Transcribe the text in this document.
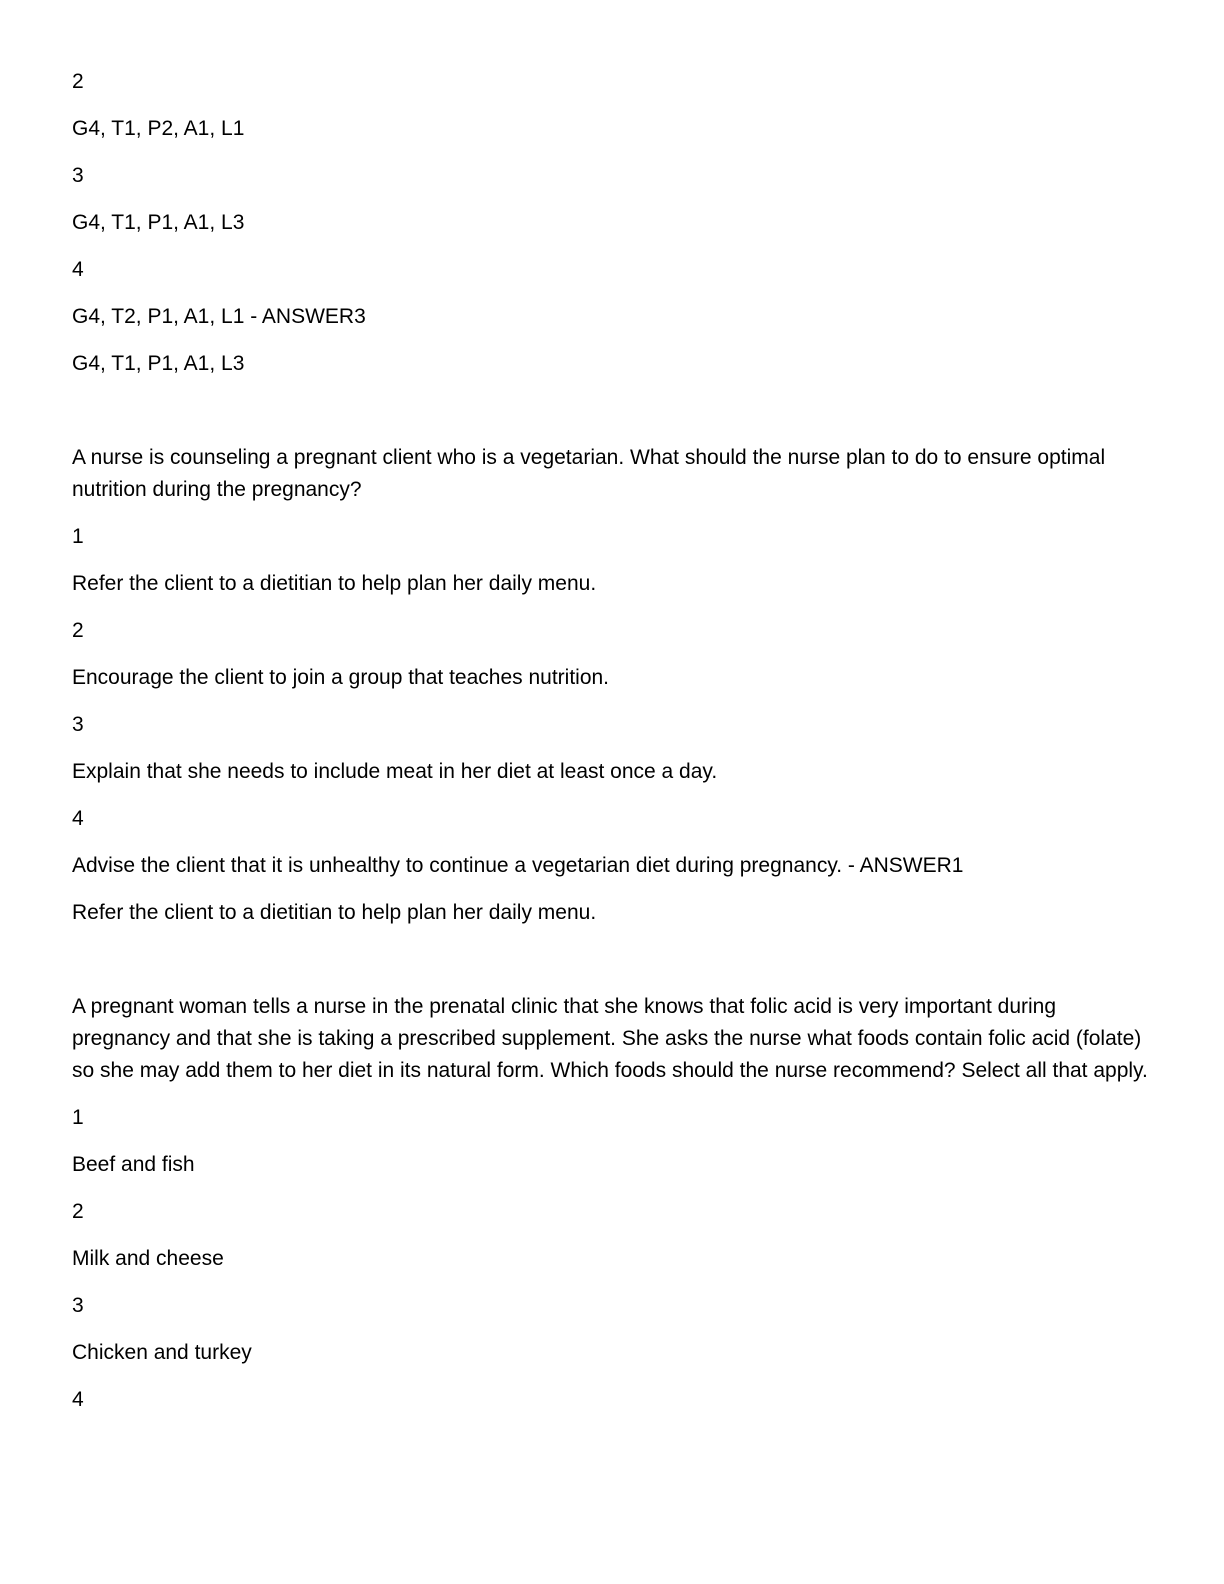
2

G4, T1, P2, A1, L1

3

G4, T1, P1, A1, L3

4

G4, T2, P1, A1, L1 - ANSWER3

G4, T1, P1, A1, L3

A nurse is counseling a pregnant client who is a vegetarian. What should the nurse plan to do to ensure optimal nutrition during the pregnancy?

1

Refer the client to a dietitian to help plan her daily menu.

2

Encourage the client to join a group that teaches nutrition.

3

Explain that she needs to include meat in her diet at least once a day.

4

Advise the client that it is unhealthy to continue a vegetarian diet during pregnancy. - ANSWER1

Refer the client to a dietitian to help plan her daily menu.

A pregnant woman tells a nurse in the prenatal clinic that she knows that folic acid is very important during pregnancy and that she is taking a prescribed supplement. She asks the nurse what foods contain folic acid (folate) so she may add them to her diet in its natural form. Which foods should the nurse recommend? Select all that apply.

1

Beef and fish

2

Milk and cheese

3

Chicken and turkey

4
